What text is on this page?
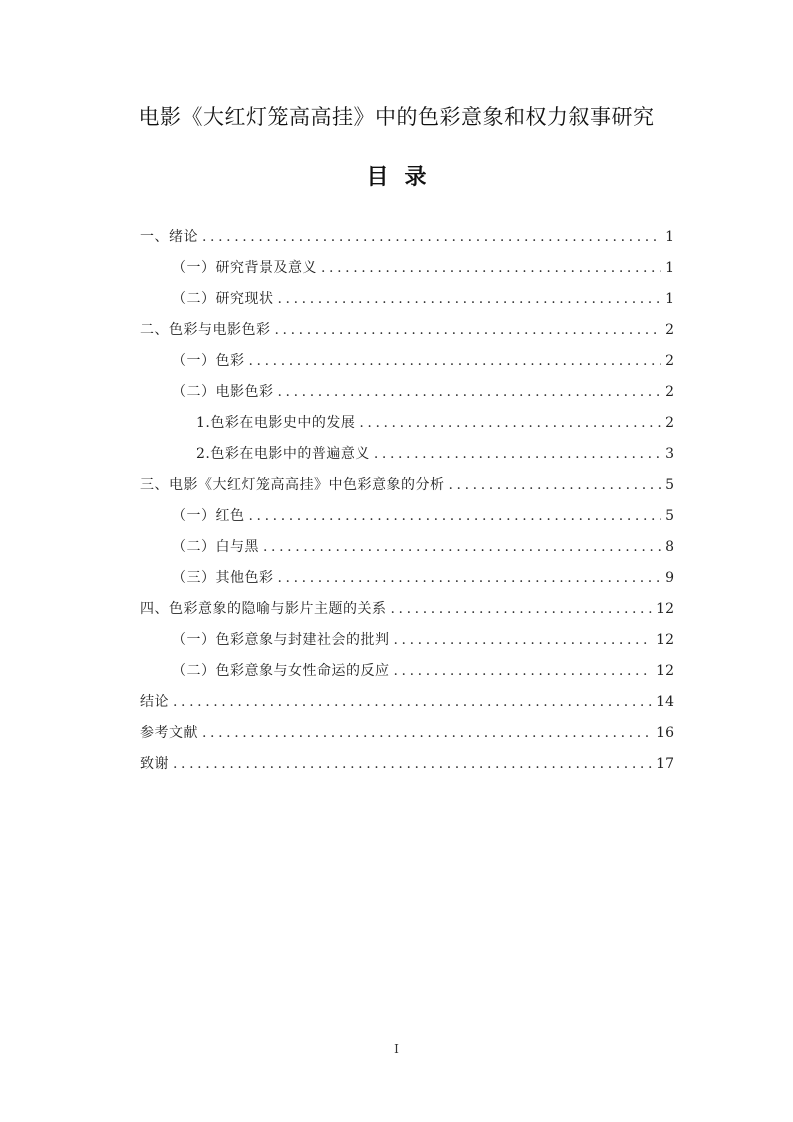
电影《大红灯笼高高挂》中的色彩意象和权力叙事研究
目录
一、绪论 .....	1
（一）研究背景及意义 .....	1
（二）研究现状 .....	1
二、色彩与电影色彩 .....	2
（一）色彩 .....	2
（二）电影色彩 .....	2
1.色彩在电影史中的发展 .....	2
2.色彩在电影中的普遍意义 .....	3
三、电影《大红灯笼高高挂》中色彩意象的分析 .....	5
（一）红色 .....	5
（二）白与黑 .....	8
（三）其他色彩 .....	9
四、色彩意象的隐喻与影片主题的关系 .....	12
（一）色彩意象与封建社会的批判 .....	12
（二）色彩意象与女性命运的反应 .....	12
结论 .....	14
参考文献 .....	16
致谢 .....	17
I
